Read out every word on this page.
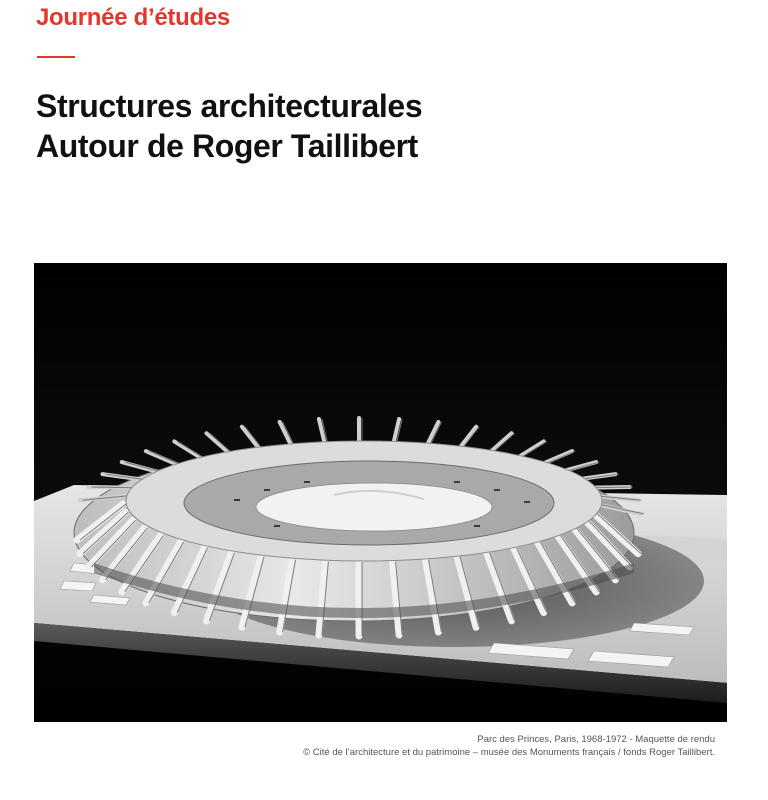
Journée d’études
Structures architecturales
Autour de Roger Taillibert
Parc des Princes, Paris, 1968-1972 - Maquette de rendu
© Cité de l’architecture et du patrimoine – musée des Monuments français / fonds Roger Taillibert.
